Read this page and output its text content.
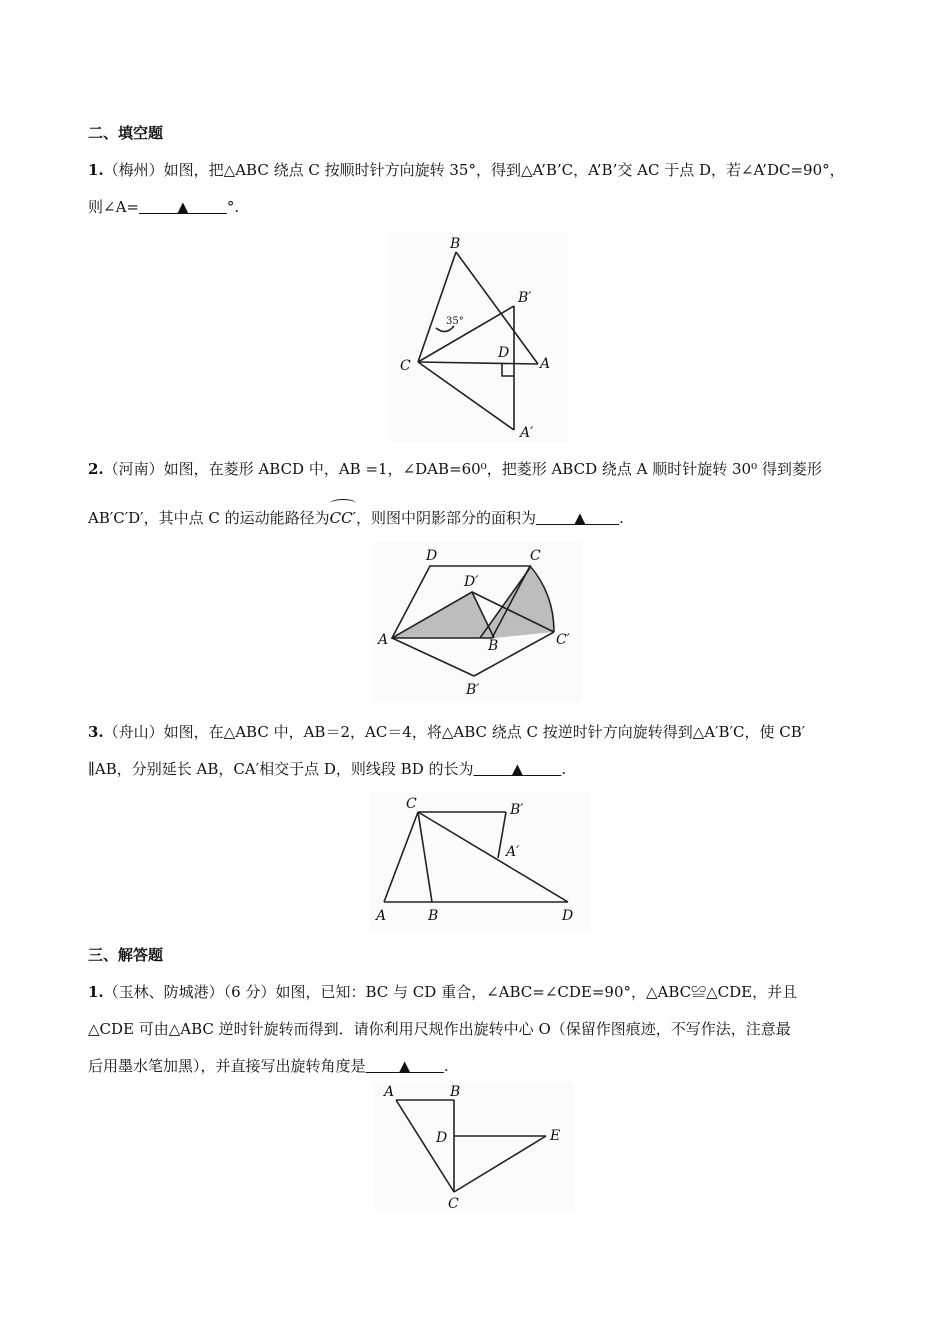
二、填空题
1.（梅州）如图，把△ABC 绕点 C 按顺时针方向旋转 35°，得到△A’B’C，A’B’交 AC 于点 D，若∠A’DC=90°，
则∠A=	▲	°.
B
B′
C
D
A
A′
35°
2.（河南）如图，在菱形 ABCD 中，AB =1，∠DAB=60⁰，把菱形 ABCD 绕点 A 顺时针旋转 30⁰ 得到菱形
AB′C′D′，其中点 C 的运动能路径为
CC′，则图中阴影部分的面积为	▲ .
D	C
D′
A	B	C′
B′
3.（舟山）如图，在△ABC 中，AB＝2，AC＝4，将△ABC 绕点 C 按逆时针方向旋转得到△A′B′C，使 CB′
∥AB，分别延长 AB，CA′相交于点 D，则线段 BD 的长为	▲	.
C	B′
A′
A	B	D
三、解答题
1.（玉林、防城港）（6 分）如图，已知：BC 与 CD 重合，∠ABC=∠CDE=90°，△ABC≌△CDE，并且
△CDE 可由△ABC 逆时针旋转而得到．请你利用尺规作出旋转中心 O（保留作图痕迹，不写作法，注意最
后用墨水笔加黑），并直接写出旋转角度是 ▲ .
A	B
D	E
C
